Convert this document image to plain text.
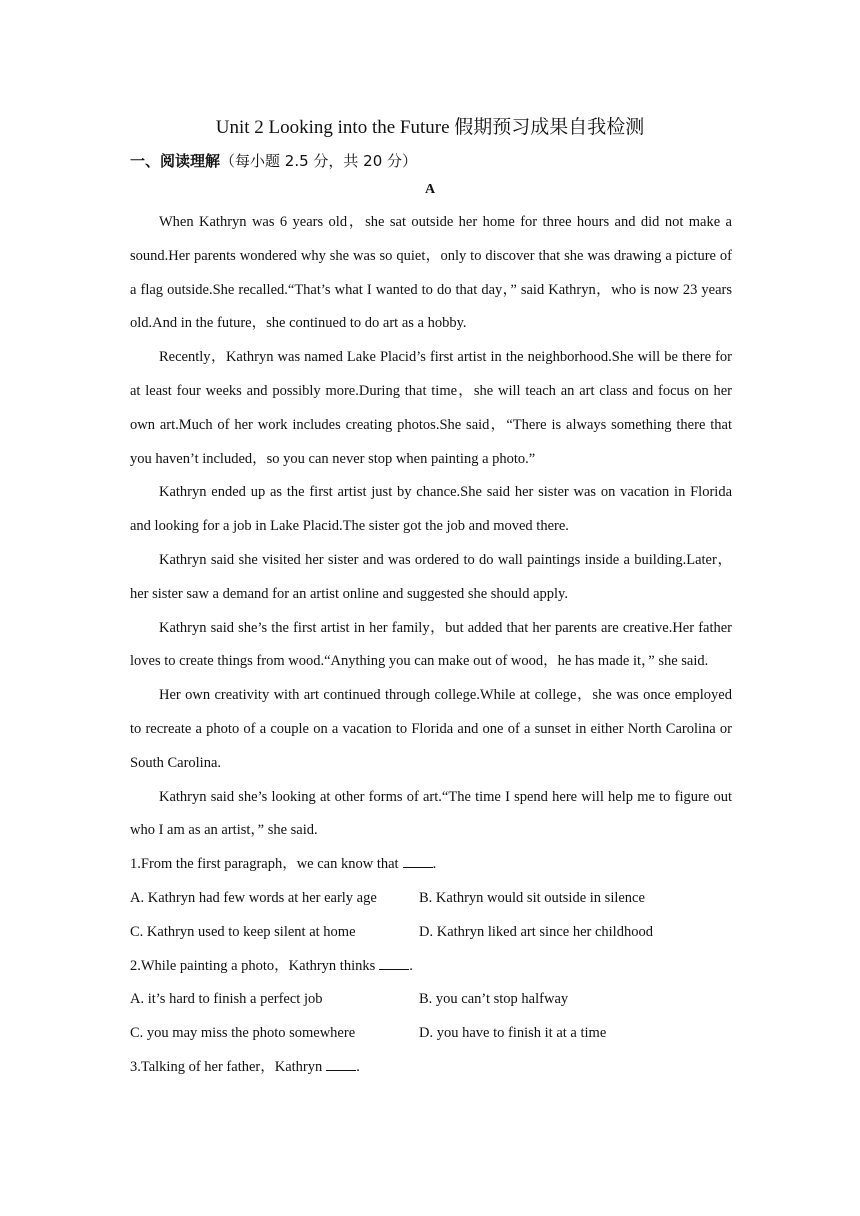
Unit 2 Looking into the Future 假期预习成果自我检测
一、阅读理解（每小题 2.5 分，共 20 分）
A

When Kathryn was 6 years old，she sat outside her home for three hours and did not make a sound.Her parents wondered why she was so quiet，only to discover that she was drawing a picture of a flag outside.She recalled.“That’s what I wanted to do that day，” said Kathryn，who is now 23 years old.And in the future，she continued to do art as a hobby.

Recently，Kathryn was named Lake Placid’s first artist in the neighborhood.She will be there for at least four weeks and possibly more.During that time，she will teach an art class and focus on her own art.Much of her work includes creating photos.She said，“There is always something there that you haven’t included，so you can never stop when painting a photo.”

Kathryn ended up as the first artist just by chance.She said her sister was on vacation in Florida and looking for a job in Lake Placid.The sister got the job and moved there.

Kathryn said she visited her sister and was ordered to do wall paintings inside a building.Later，her sister saw a demand for an artist online and suggested she should apply.

Kathryn said she’s the first artist in her family，but added that her parents are creative.Her father loves to create things from wood.“Anything you can make out of wood，he has made it，” she said.

Her own creativity with art continued through college.While at college，she was once employed to recreate a photo of a couple on a vacation to Florida and one of a sunset in either North Carolina or South Carolina.

Kathryn said she’s looking at other forms of art.“The time I spend here will help me to figure out who I am as an artist，” she said.

1.From the first paragraph，we can know that .
A. Kathryn had few words at her early age	B. Kathryn would sit outside in silence
C. Kathryn used to keep silent at home	D. Kathryn liked art since her childhood
2.While painting a photo，Kathryn thinks .
A. it’s hard to finish a perfect job	B. you can’t stop halfway
C. you may miss the photo somewhere	D. you have to finish it at a time
3.Talking of her father，Kathryn .
